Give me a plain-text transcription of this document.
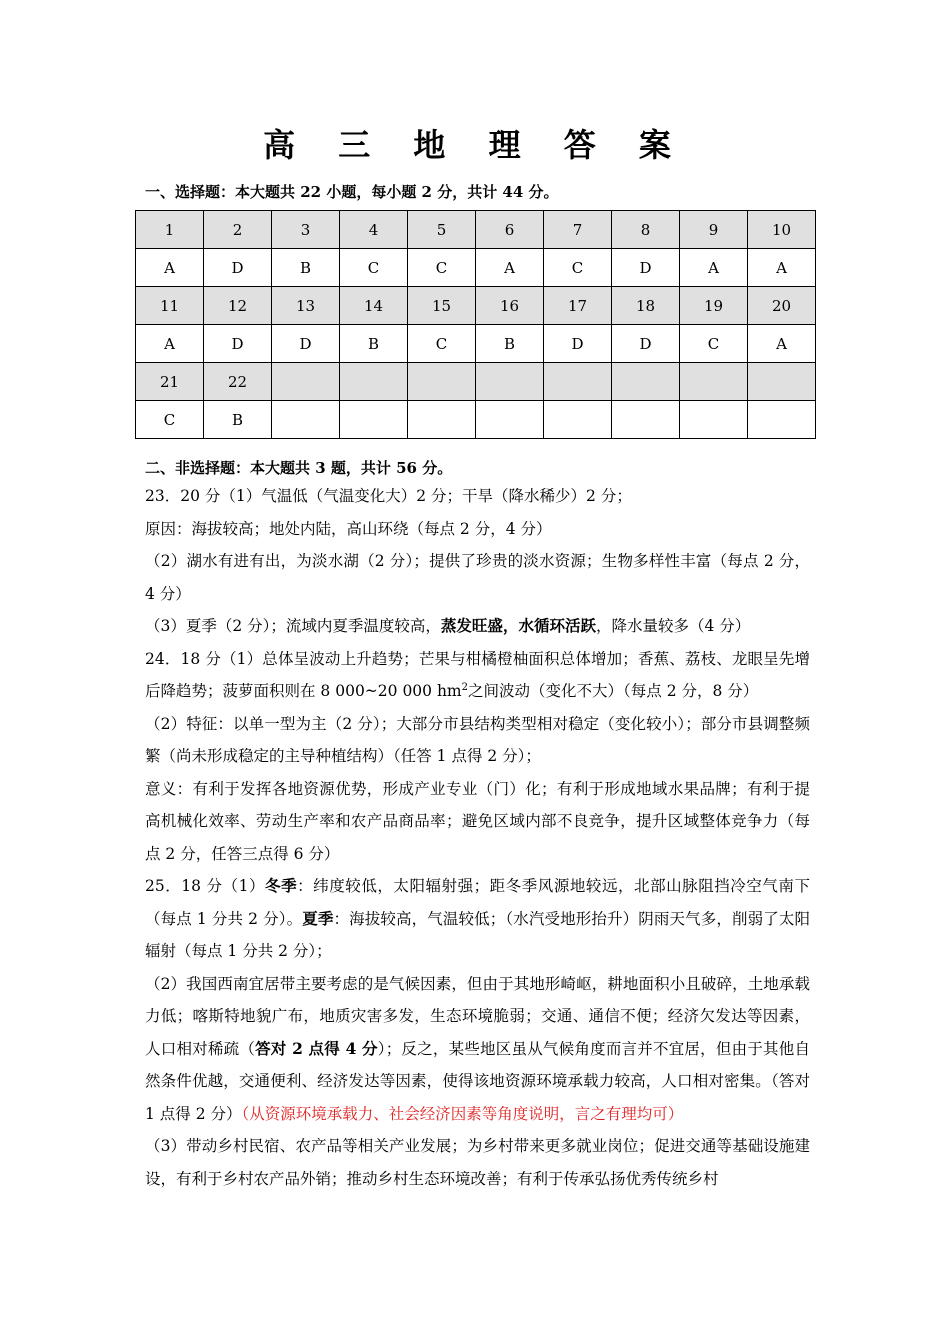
高 三 地 理 答 案
一、选择题：本大题共 22 小题，每小题 2 分，共计 44 分。
1	2	3	4	5	6	7	8	9	10
A	D	B	C	C	A	C	D	A	A
11	12	13	14	15	16	17	18	19	20
A	D	D	B	C	B	D	D	C	A
21	22								
C	B								
二、非选择题：本大题共 3 题，共计 56 分。

23．20 分（1）气温低（气温变化大）2 分；干旱（降水稀少）2 分；

原因：海拔较高；地处内陆，高山环绕（每点 2 分，4 分）

（2）湖水有进有出，为淡水湖（2 分）；提供了珍贵的淡水资源；生物多样性丰富（每点 2 分，4 分）

（3）夏季（2 分）；流域内夏季温度较高，蒸发旺盛，水循环活跃，降水量较多（4 分）

24．18 分（1）总体呈波动上升趋势；芒果与柑橘橙柚面积总体增加；香蕉、荔枝、龙眼呈先增后降趋势；菠萝面积则在 8 000~20 000 $hm^2$之间波动（变化不大）（每点 2 分，8 分）

（2）特征：以单一型为主（2 分）；大部分市县结构类型相对稳定（变化较小）；部分市县调整频繁（尚未形成稳定的主导种植结构）（任答 1 点得 2 分）；

意义：有利于发挥各地资源优势，形成产业专业（门）化；有利于形成地域水果品牌；有利于提高机械化效率、劳动生产率和农产品商品率；避免区域内部不良竞争，提升区域整体竞争力（每点 2 分，任答三点得 6 分）

25．18 分（1）冬季：纬度较低，太阳辐射强；距冬季风源地较远，北部山脉阻挡冷空气南下（每点 1 分共 2 分）。夏季：海拔较高，气温较低；（水汽受地形抬升）阴雨天气多，削弱了太阳辐射（每点 1 分共 2 分）；

（2）我国西南宜居带主要考虑的是气候因素，但由于其地形崎岖，耕地面积小且破碎，土地承载力低；喀斯特地貌广布，地质灾害多发，生态环境脆弱；交通、通信不便；经济欠发达等因素，人口相对稀疏（答对 2 点得 4 分）；反之，某些地区虽从气候角度而言并不宜居，但由于其他自然条件优越，交通便利、经济发达等因素，使得该地资源环境承载力较高，人口相对密集。（答对 1 点得 2 分）（从资源环境承载力、社会经济因素等角度说明，言之有理均可）

（3）带动乡村民宿、农产品等相关产业发展；为乡村带来更多就业岗位；促进交通等基础设施建设，有利于乡村农产品外销；推动乡村生态环境改善；有利于传承弘扬优秀传统乡村
